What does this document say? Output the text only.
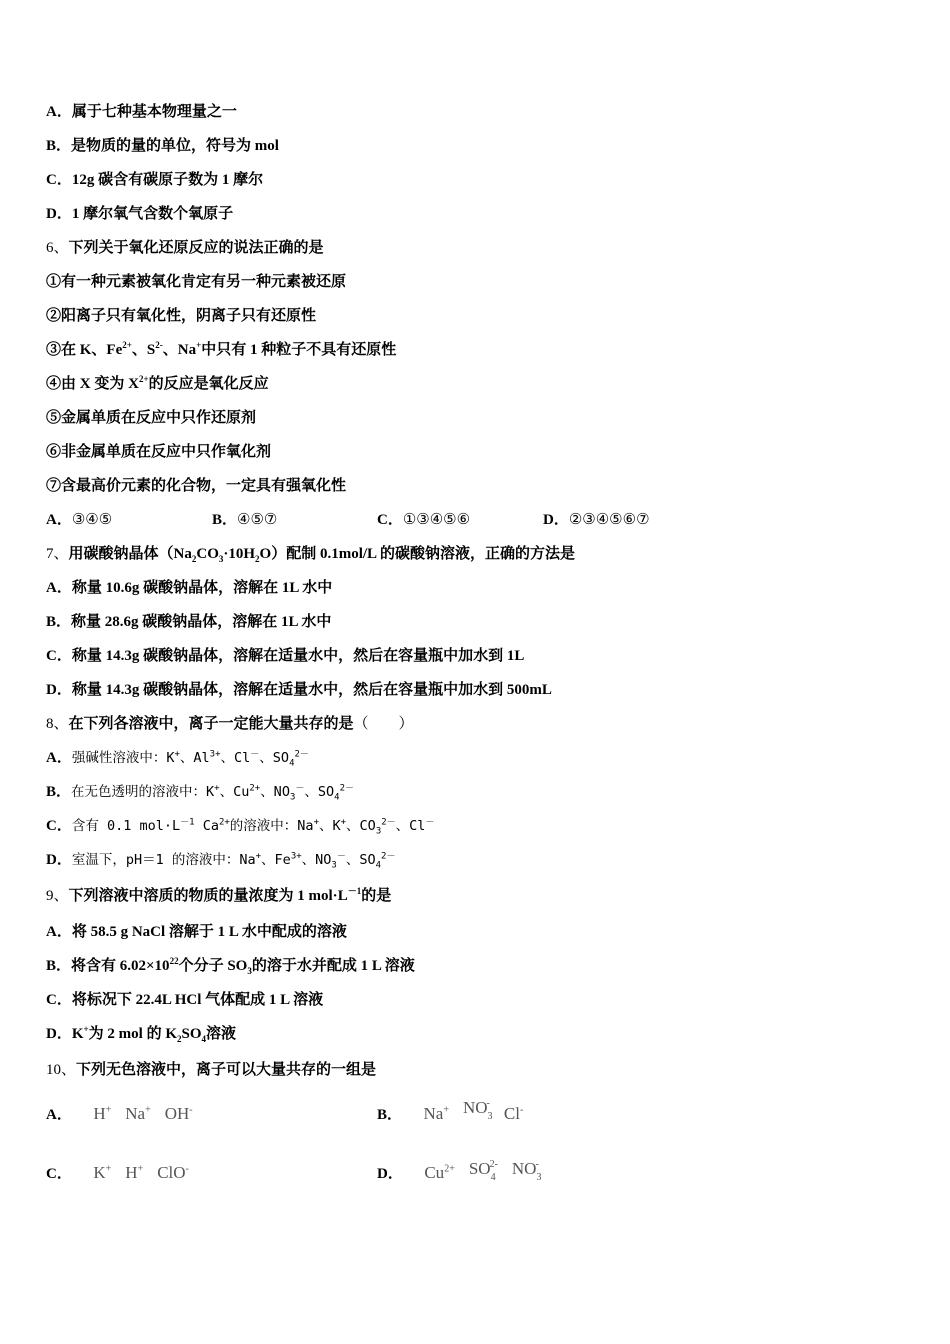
A．属于七种基本物理量之一
B．是物质的量的单位，符号为 mol
C．12g 碳含有碳原子数为 1 摩尔
D．1 摩尔氧气含数个氧原子
6、下列关于氧化还原反应的说法正确的是
①有一种元素被氧化肯定有另一种元素被还原
②阳离子只有氧化性，阴离子只有还原性
③在 K、$Fe^{2+}$、$S^{2-}$、Na+中只有 1 种粒子不具有还原性
④由 X 变为 $X^{2+}$的反应是氧化反应
⑤金属单质在反应中只作还原剂
⑥非金属单质在反应中只作氧化剂
⑦含最高价元素的化合物，一定具有强氧化性
A．③④⑤	B．④⑤⑦	C．①③④⑤⑥	D．②③④⑤⑥⑦
7、用碳酸钠晶体$(Na_2CO_3\cdot 10H_2O)$配制 0.1mol/L 的碳酸钠溶液，正确的方法是
A．称量 10.6g 碳酸钠晶体，溶解在 1L 水中
B．称量 28.6g 碳酸钠晶体，溶解在 1L 水中
C．称量 14.3g 碳酸钠晶体，溶解在适量水中，然后在容量瓶中加水到 1L
D．称量 14.3g 碳酸钠晶体，溶解在适量水中，然后在容量瓶中加水到 500mL
8、在下列各溶液中，离子一定能大量共存的是（　　）
A．强碱性溶液中：K+、$Al^{3+}$、Cl－、$SO_4^{2-}$
B．在无色透明的溶液中：K+、$Cu^{2+}$、$NO_3^-$、$SO_4^{2-}$
C．含有 0.1 $mol\cdot L^{-1}$ $Ca^{2+}$的溶液中：Na+、K+、$CO_3^{2-}$、Cl－
D．室温下，pH＝1 的溶液中：Na+、$Fe^{3+}$、$NO_3^-$、$SO_4^{2-}$
9、下列溶液中溶质的物质的量浓度为 1 $mol\cdot L^{-1}$的是
A．将 58.5 g NaCl 溶解于 1 L 水中配成的溶液
B．将含有 $6.02\times 10^{22}$个分子 $SO_3$的溶于水并配成 1 L 溶液
C．将标况下 22.4L HCl 气体配成 1 L 溶液
D．K+为 2 mol 的 $K_2SO_4$溶液
10、下列无色溶液中，离子可以大量共存的一组是
A． H+ Na+ OH-	B． Na+ $NO_3^-Cl^-$
C． K+ H+ ClO-	D． $Cu^{2+}$ $SO_4^{2-}$ $NO_3^-$
